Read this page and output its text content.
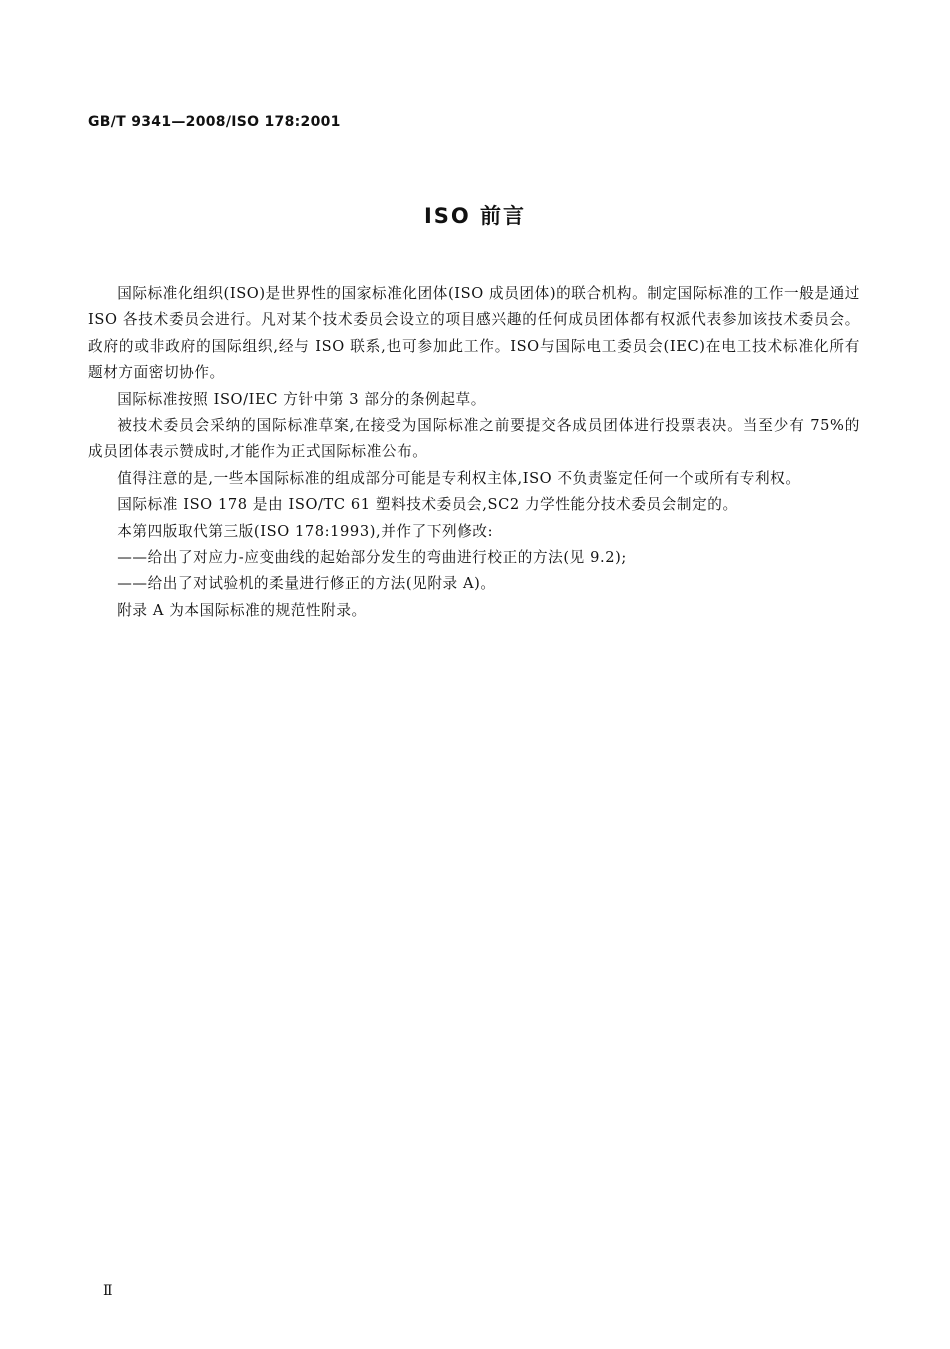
GB/T 9341—2008/ISO 178:2001
ISO 前言

国际标准化组织(ISO)是世界性的国家标准化团体(ISO 成员团体)的联合机构。制定国际标准的工作一般是通过 ISO 各技术委员会进行。凡对某个技术委员会设立的项目感兴趣的任何成员团体都有权派代表参加该技术委员会。政府的或非政府的国际组织,经与 ISO 联系,也可参加此工作。ISO与国际电工委员会(IEC)在电工技术标准化所有题材方面密切协作。

国际标准按照 ISO/IEC 方针中第 3 部分的条例起草。

被技术委员会采纳的国际标准草案,在接受为国际标准之前要提交各成员团体进行投票表决。当至少有 75%的成员团体表示赞成时,才能作为正式国际标准公布。

值得注意的是,一些本国际标准的组成部分可能是专利权主体,ISO 不负责鉴定任何一个或所有专利权。

国际标准 ISO 178 是由 ISO/TC 61 塑料技术委员会,SC2 力学性能分技术委员会制定的。

本第四版取代第三版(ISO 178:1993),并作了下列修改:

——给出了对应力-应变曲线的起始部分发生的弯曲进行校正的方法(见 9.2);

——给出了对试验机的柔量进行修正的方法(见附录 A)。

附录 A 为本国际标准的规范性附录。

Ⅱ
